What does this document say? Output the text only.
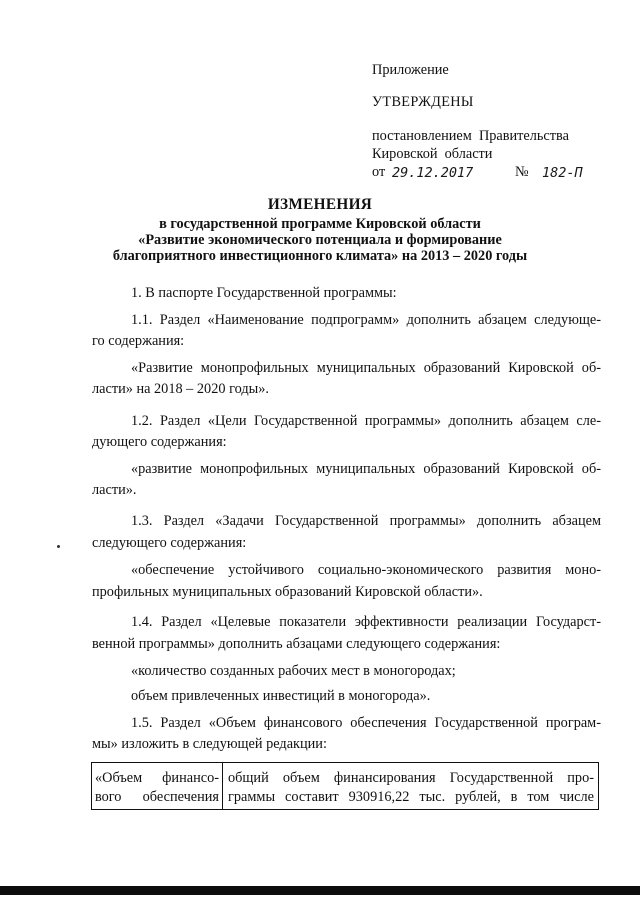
Приложение
УТВЕРЖДЕНЫ
постановлением  Правительства
Кировской  области
от 29.12.2017	№ 182-П
ИЗМЕНЕНИЯ
в государственной программе Кировской области
«Развитие экономического потенциала и формирование
благоприятного инвестиционного климата» на 2013 – 2020 годы
1. В паспорте Государственной программы:
1.1. Раздел «Наименование подпрограмм» дополнить абзацем следующе-
го содержания:
«Развитие монопрофильных муниципальных образований Кировской об-
ласти» на 2018 – 2020 годы».
1.2. Раздел «Цели Государственной программы» дополнить абзацем сле-
дующего содержания:
«развитие монопрофильных муниципальных образований Кировской об-
ласти».
1.3. Раздел «Задачи Государственной программы» дополнить абзацем
следующего содержания:
«обеспечение устойчивого социально-экономического развития моно-
профильных муниципальных образований Кировской области».
1.4. Раздел «Целевые показатели эффективности реализации Государст-
венной программы» дополнить абзацами следующего содержания:
«количество созданных рабочих мест в моногородах;
объем привлеченных инвестиций в моногорода».
1.5. Раздел «Объем финансового обеспечения Государственной програм-
мы» изложить в следующей редакции:
«Объем финансо-
вого обеспечения
общий объем финансирования Государственной про-
граммы составит 930916,22 тыс. рублей, в том числе
